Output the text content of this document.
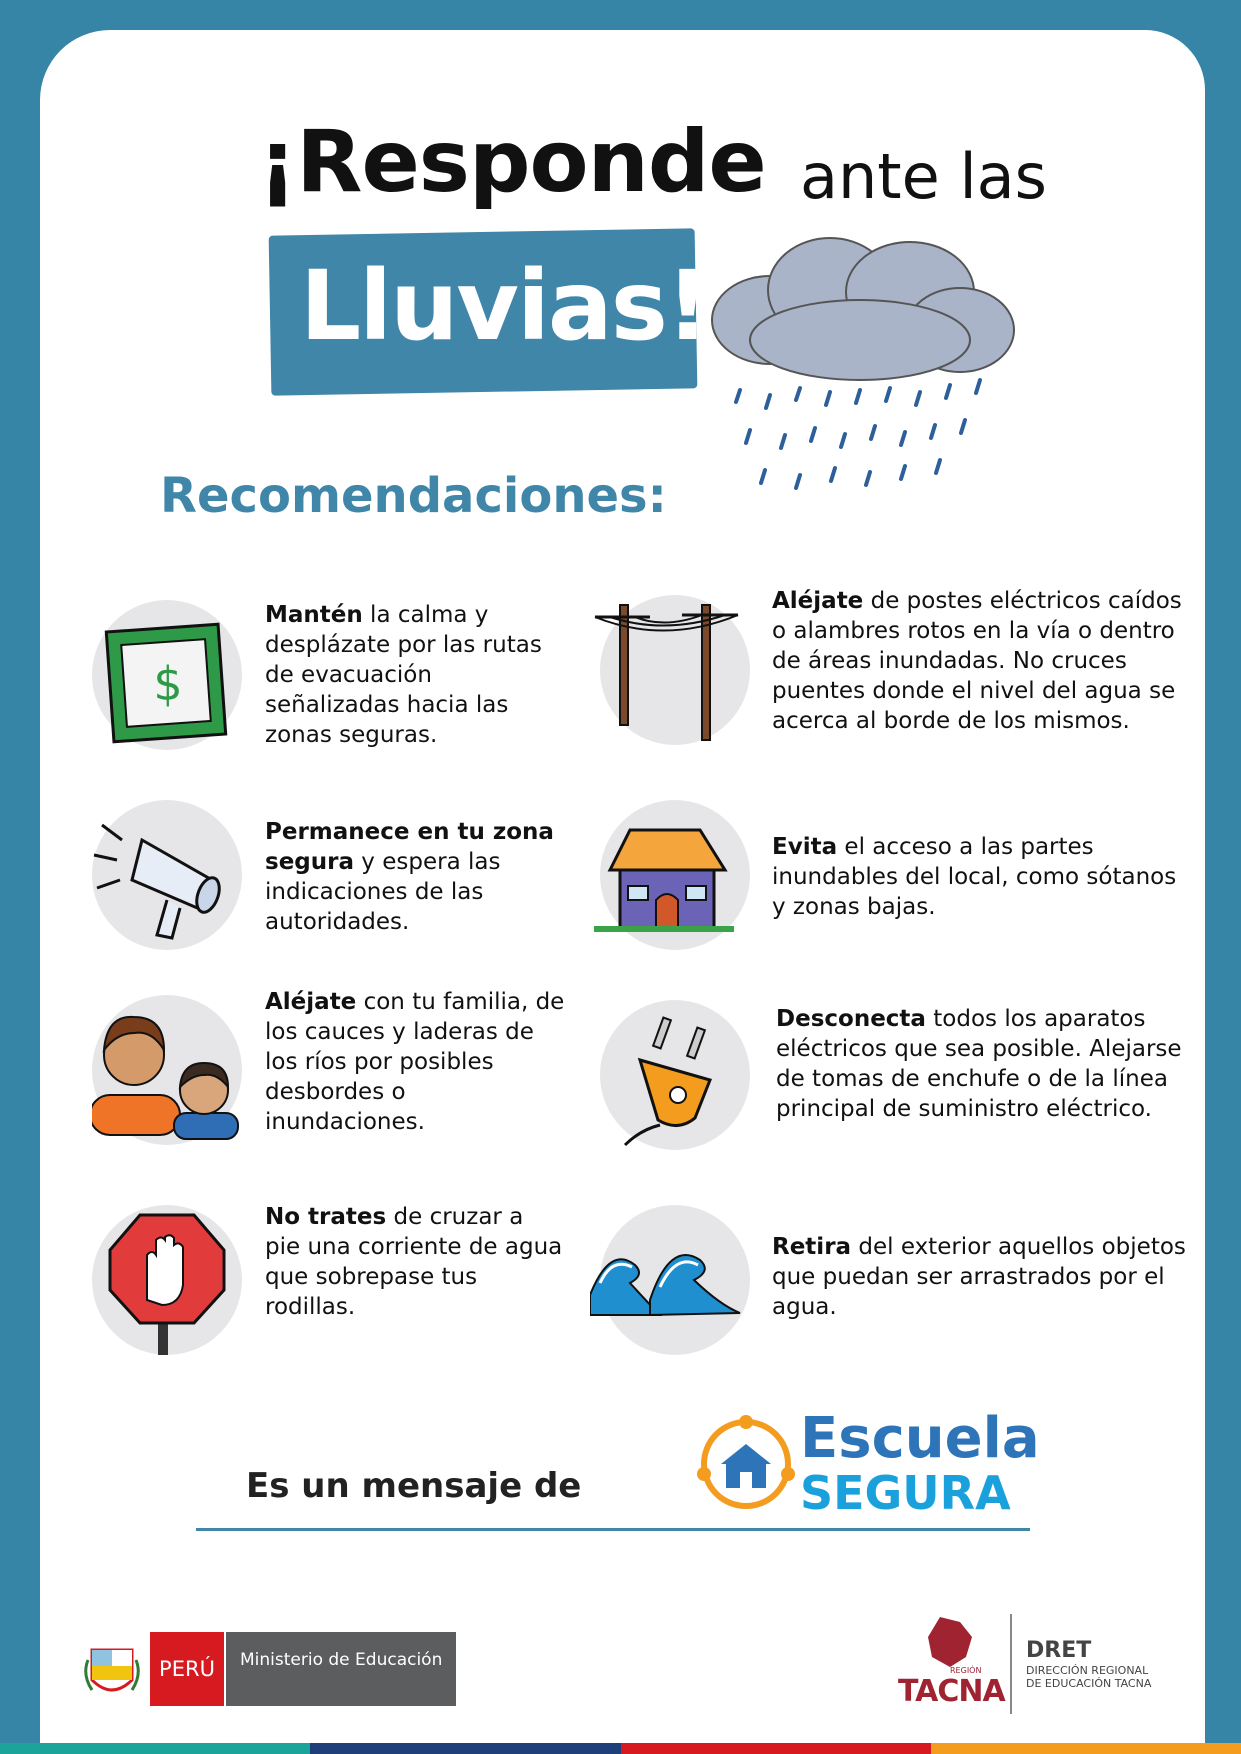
¡Responde ante las
Lluvias!
Recomendaciones:
$
Mantén la calma y desplázate por las rutas de evacuación señalizadas hacia las zonas seguras.
Permanece en tu zona segura y espera las indicaciones de las autoridades.
Aléjate con tu familia, de los cauces y laderas de los ríos por posibles desbordes o inundaciones.
No trates de cruzar a pie una corriente de agua que sobrepase tus rodillas.
Aléjate de postes eléctricos caídos o alambres rotos en la vía o dentro de áreas inundadas. No cruces puentes donde el nivel del agua se acerca al borde de los mismos.
Evita el acceso a las partes inundables del local, como sótanos y zonas bajas.
Desconecta todos los aparatos eléctricos que sea posible. Alejarse de tomas de enchufe o de la línea principal de suministro eléctrico.
Retira del exterior aquellos objetos que puedan ser arrastrados por el agua.
Es un mensaje de
Escuela
SEGURA
PERÚ	Ministerio de Educación
REGIÓN
TACNA
DRET
DIRECCIÓN REGIONAL DE EDUCACIÓN TACNA
